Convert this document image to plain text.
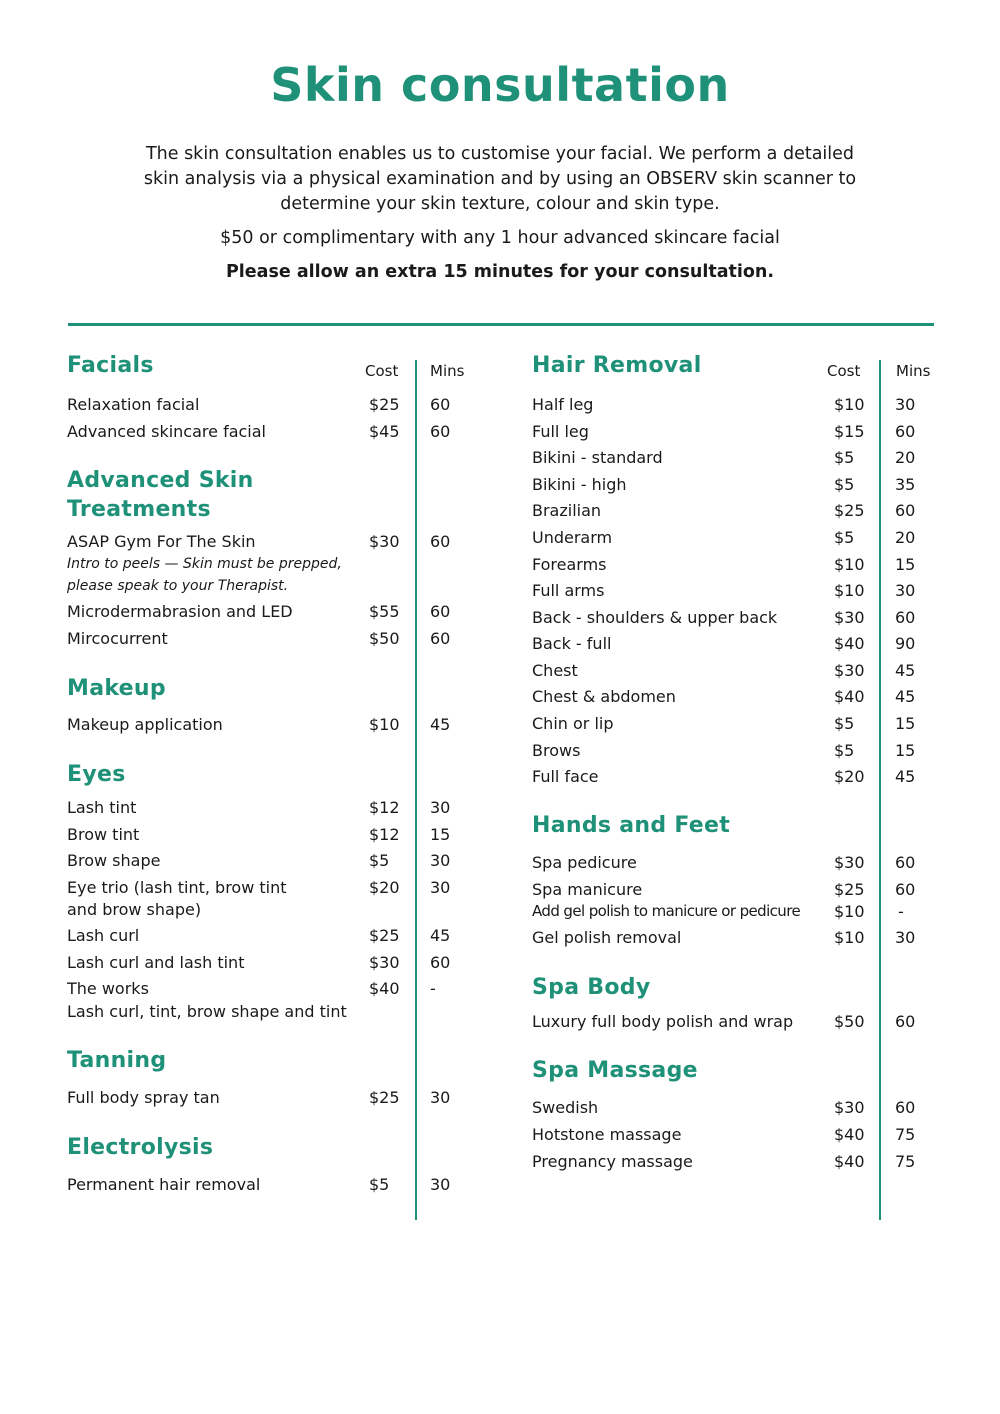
Skin consultation
The skin consultation enables us to customise your facial. We perform a detailed
skin analysis via a physical examination and by using an OBSERV skin scanner to
determine your skin texture, colour and skin type.
$50 or complimentary with any 1 hour advanced skincare facial
Please allow an extra 15 minutes for your consultation.
Cost Mins	Cost Mins
Facials
Relaxation facial	$25 60
Advanced skincare facial	$45 60
Advanced Skin
Treatments
ASAP Gym For The Skin	$30 60
Intro to peels — Skin must be prepped,
please speak to your Therapist.
Microdermabrasion and LED	$55 60
Mircocurrent	$50 60
Makeup
Makeup application	$10 45
Eyes
Lash tint	$12 30
Brow tint	$12 15
Brow shape	$5	30
Eye trio (lash tint, brow tint	$20 30
and brow shape)
Lash curl	$25 45
Lash curl and lash tint	$30 60
The works	$40 -
Lash curl, tint, brow shape and tint
Tanning
Full body spray tan	$25 30
Electrolysis
Permanent hair removal	$5	30
Hair Removal
Half leg	$10 30
Full leg	$15 60
Bikini - standard	$5	20
Bikini - high	$5	35
Brazilian	$25 60
Underarm	$5	20
Forearms	$10 15
Full arms	$10 30
Back - shoulders & upper back	$30 60
Back - full	$40 90
Chest	$30 45
Chest & abdomen	$40 45
Chin or lip	$5	15
Brows	$5	15
Full face	$20 45
Hands and Feet
Spa pedicure	$30 60
Spa manicure	$25 60
Add gel polish to manicure or pedicure $10 -
Gel polish removal	$10 30
Spa Body
Luxury full body polish and wrap	$50 60
Spa Massage
Swedish	$30 60
Hotstone massage	$40 75
Pregnancy massage	$40 75
